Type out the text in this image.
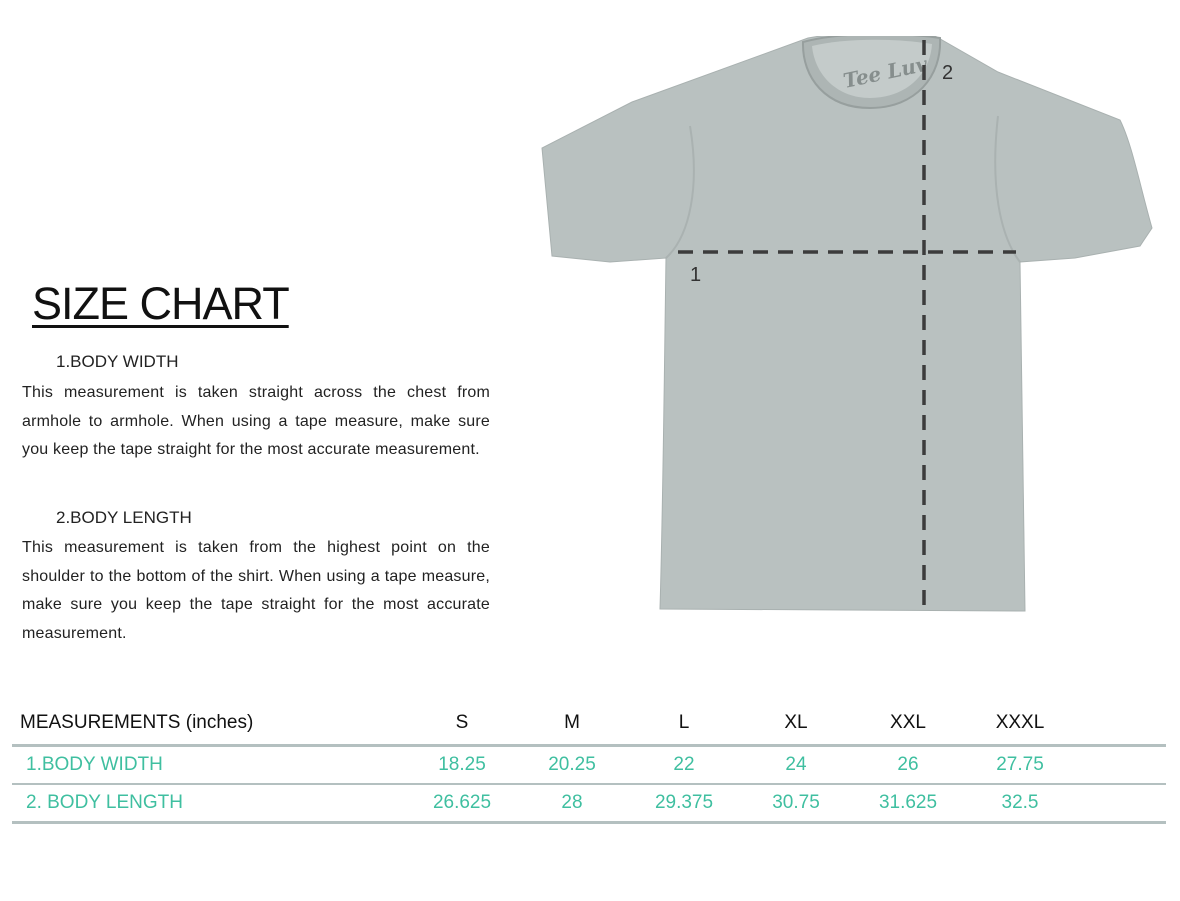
SIZE CHART
1.BODY WIDTH

This measurement is taken straight across the chest from armhole to armhole. When using a tape measure, make sure you keep the tape straight for the most accurate measurement.

2.BODY LENGTH

This measurement is taken from the highest point on the shoulder to the bottom of the shirt. When using a tape measure, make sure you keep the tape straight for the most accurate measurement.

Tee Luv
1
2
MEASUREMENTS (inches)	S	M	L	XL	XXL	XXXL	
1.BODY WIDTH	18.25	20.25	22	24	26	27.75	
2. BODY LENGTH	26.625	28	29.375	30.75	31.625	32.5	
